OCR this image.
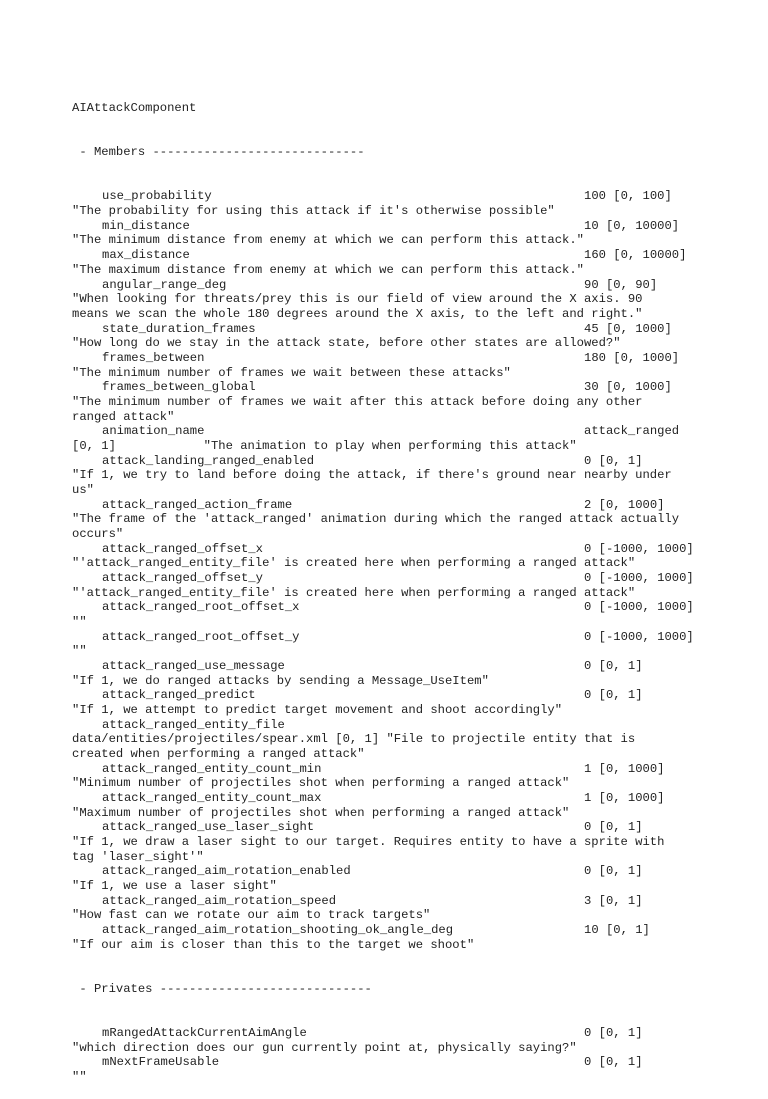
AIAttackComponent

- Members -----------------------------

use_probability	100 [0, 100]
"The probability for using this attack if it's otherwise possible"
min_distance	10 [0, 10000]
"The minimum distance from enemy at which we can perform this attack."
max_distance	160 [0, 10000]
"The maximum distance from enemy at which we can perform this attack."
angular_range_deg	90 [0, 90]
"When looking for threats/prey this is our field of view around the X axis. 90
means we scan the whole 180 degrees around the X axis, to the left and right."
state_duration_frames	45 [0, 1000]
"How long do we stay in the attack state, before other states are allowed?"
frames_between	180 [0, 1000]
"The minimum number of frames we wait between these attacks"
frames_between_global	30 [0, 1000]
"The minimum number of frames we wait after this attack before doing any other
ranged attack"
animation_name	attack_ranged
[0, 1]            "The animation to play when performing this attack"
attack_landing_ranged_enabled	0 [0, 1]
"If 1, we try to land before doing the attack, if there's ground near nearby under
us"
attack_ranged_action_frame	2 [0, 1000]
"The frame of the 'attack_ranged' animation during which the ranged attack actually
occurs"
attack_ranged_offset_x	0 [-1000, 1000]
"'attack_ranged_entity_file' is created here when performing a ranged attack"
attack_ranged_offset_y	0 [-1000, 1000]
"'attack_ranged_entity_file' is created here when performing a ranged attack"
attack_ranged_root_offset_x	0 [-1000, 1000]
""
attack_ranged_root_offset_y	0 [-1000, 1000]
""
attack_ranged_use_message	0 [0, 1]
"If 1, we do ranged attacks by sending a Message_UseItem"
attack_ranged_predict	0 [0, 1]
"If 1, we attempt to predict target movement and shoot accordingly"
attack_ranged_entity_file
data/entities/projectiles/spear.xml [0, 1] "File to projectile entity that is
created when performing a ranged attack"
attack_ranged_entity_count_min	1 [0, 1000]
"Minimum number of projectiles shot when performing a ranged attack"
attack_ranged_entity_count_max	1 [0, 1000]
"Maximum number of projectiles shot when performing a ranged attack"
attack_ranged_use_laser_sight	0 [0, 1]
"If 1, we draw a laser sight to our target. Requires entity to have a sprite with
tag 'laser_sight'"
attack_ranged_aim_rotation_enabled	0 [0, 1]
"If 1, we use a laser sight"
attack_ranged_aim_rotation_speed	3 [0, 1]
"How fast can we rotate our aim to track targets"
attack_ranged_aim_rotation_shooting_ok_angle_deg	10 [0, 1]
"If our aim is closer than this to the target we shoot"

- Privates -----------------------------

mRangedAttackCurrentAimAngle	0 [0, 1]
"which direction does our gun currently point at, physically saying?"
mNextFrameUsable	0 [0, 1]
""
